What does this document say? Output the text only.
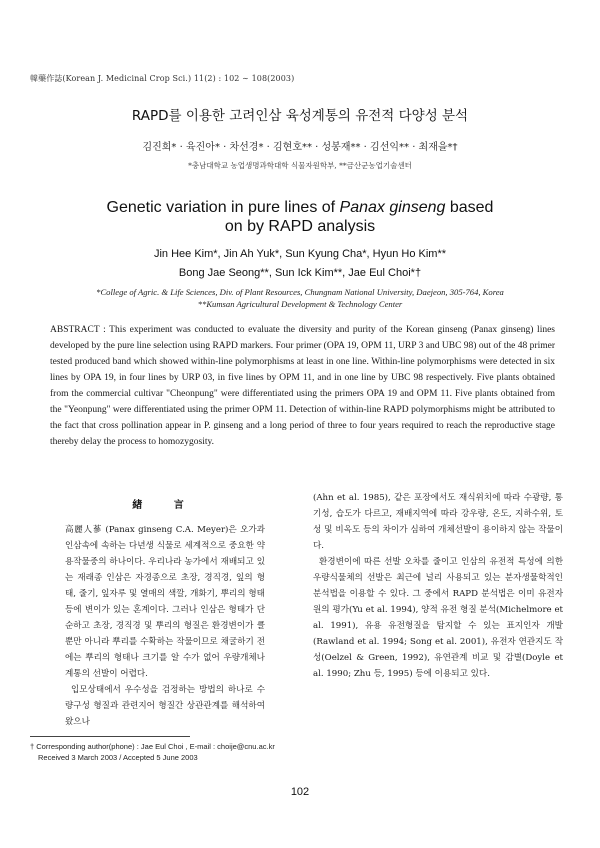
韓藥作誌(Korean J. Medicinal Crop Sci.) 11(2) : 102 ∼ 108(2003)
RAPD를 이용한 고려인삼 육성계통의 유전적 다양성 분석
김진희* · 육진아* · 차선경* · 김현호** · 성봉재** · 김선익** · 최재을*†
*충남대학교 농업생명과학대학 식물자원학부, **금산군농업기술센터
Genetic variation in pure lines of Panax ginseng based
on by RAPD analysis
Jin Hee Kim*, Jin Ah Yuk*, Sun Kyung Cha*, Hyun Ho Kim**
Bong Jae Seong**, Sun Ick Kim**, Jae Eul Choi*†
*College of Agric. & Life Sciences, Div. of Plant Resources, Chungnam National University, Daejeon, 305-764, Korea
**Kumsan Agricultural Development & Technology Center

ABSTRACT : This experiment was conducted to evaluate the diversity and purity of the Korean ginseng (Panax ginseng) lines developed by the pure line selection using RAPD markers. Four primer (OPA 19, OPM 11, URP 3 and UBC 98) out of the 48 primer tested produced band which showed within-line polymorphisms at least in one line. Within-line polymorphisms were detected in six lines by OPA 19, in four lines by URP 03, in five lines by OPM 11, and in one line by UBC 98 respectively. Five plants obtained from the commercial cultivar "Cheonpung" were differentiated using the primers OPA 19 and OPM 11. Five plants obtained from the "Yeonpung" were differentiated using the primer OPM 11. Detection of within-line RAPD polymorphisms might be attributed to the fact that cross pollination appear in P. ginseng and a long period of three to four years required to reach the reproductive stage thereby delay the process to homozygosity.

緖 言

高麗人蔘 (Panax ginseng C.A. Meyer)은 오가과 인삼속에 속하는 다년생 식물로 세계적으로 중요한 약용작물중의 하나이다. 우리나라 농가에서 재배되고 있는 재래종 인삼은 자경종으로 초장, 경직경, 잎의 형태, 줄기, 잎자루 및 열매의 색깔, 개화기, 뿌리의 형태 등에 변이가 있는 혼계이다. 그러나 인삼은 형태가 단순하고 초장, 경직경 및 뿌리의 형질은 환경변이가 클 뿐만 아니라 뿌리를 수확하는 작물이므로 채굴하기 전에는 뿌리의 형태나 크기를 알 수가 없어 우량개체나 계통의 선발이 어렵다.

입모상태에서 우수성을 검정하는 방법의 하나로 수량구성 형질과 관련지어 형질간 상관관계를 해석하여 왔으나

(Ahn et al. 1985), 같은 포장에서도 재식위치에 따라 수광량, 통기성, 습도가 다르고, 재배지역에 따라 강우량, 온도, 지하수위, 토성 및 비옥도 등의 차이가 심하여 개체선발이 용이하지 않는 작물이다.

환경변이에 따른 선발 오차를 줄이고 인삼의 유전적 특성에 의한 우량식물체의 선발은 최근에 널리 사용되고 있는 분자생물학적인 분석법을 이용할 수 있다. 그 중에서 RAPD 분석법은 이미 유전자원의 평가(Yu et al. 1994), 양적 유전 형질 분석(Michelmore et al. 1991), 유용 유전형질을 탐지할 수 있는 표지인자 개발(Rawland et al. 1994; Song et al. 2001), 유전자 연관지도 작성(Oelzel & Green, 1992), 유연관계 비교 및 감별(Doyle et al. 1990; Zhu 등, 1995) 등에 이용되고 있다.

† Corresponding author(phone) : Jae Eul Choi , E-mail : choije@cnu.ac.kr
Received 3 March 2003 / Accepted 5 June 2003
102
